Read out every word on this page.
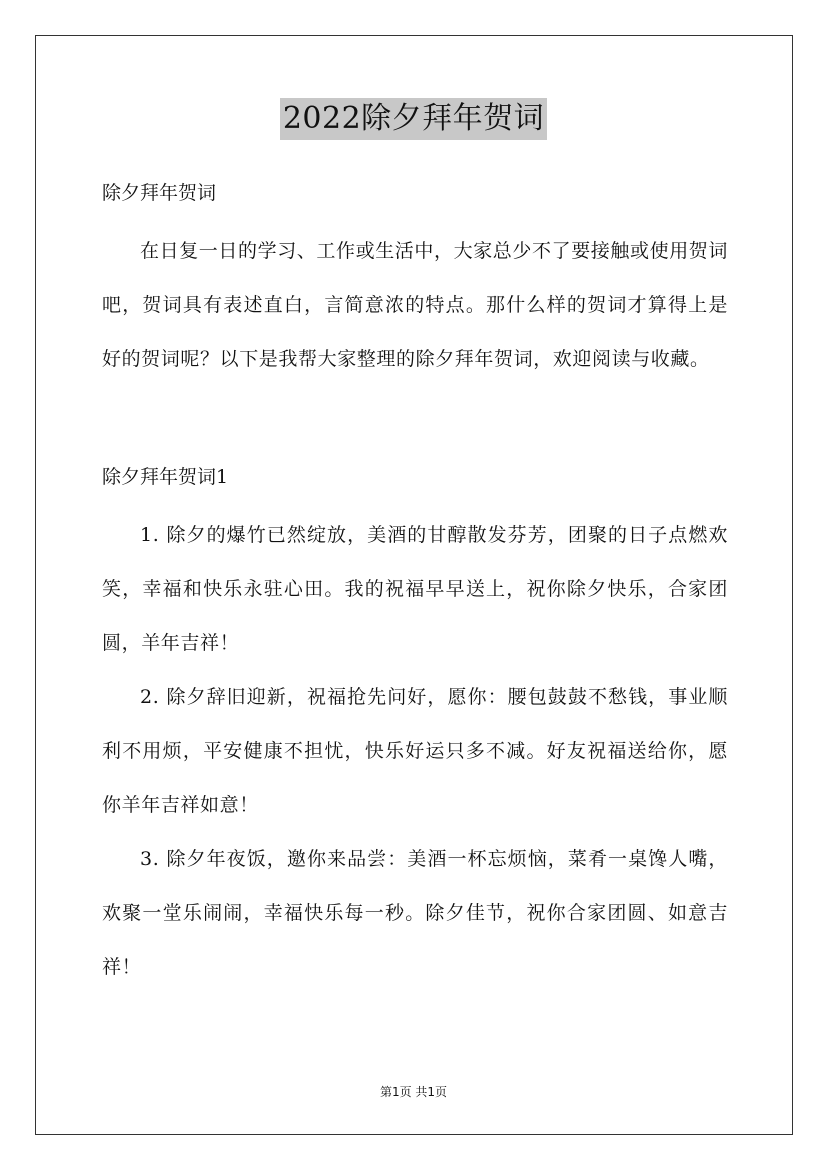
2022除夕拜年贺词

除夕拜年贺词

在日复一日的学习、工作或生活中，大家总少不了要接触或使用贺词吧，贺词具有表述直白，言简意浓的特点。那什么样的贺词才算得上是好的贺词呢？以下是我帮大家整理的除夕拜年贺词，欢迎阅读与收藏。

除夕拜年贺词1

1. 除夕的爆竹已然绽放，美酒的甘醇散发芬芳，团聚的日子点燃欢笑，幸福和快乐永驻心田。我的祝福早早送上，祝你除夕快乐，合家团圆，羊年吉祥！

2. 除夕辞旧迎新，祝福抢先问好，愿你：腰包鼓鼓不愁钱，事业顺利不用烦，平安健康不担忧，快乐好运只多不减。好友祝福送给你，愿你羊年吉祥如意！

3. 除夕年夜饭，邀你来品尝：美酒一杯忘烦恼，菜肴一桌馋人嘴，欢聚一堂乐闹闹，幸福快乐每一秒。除夕佳节，祝你合家团圆、如意吉祥！

第1页 共1页
